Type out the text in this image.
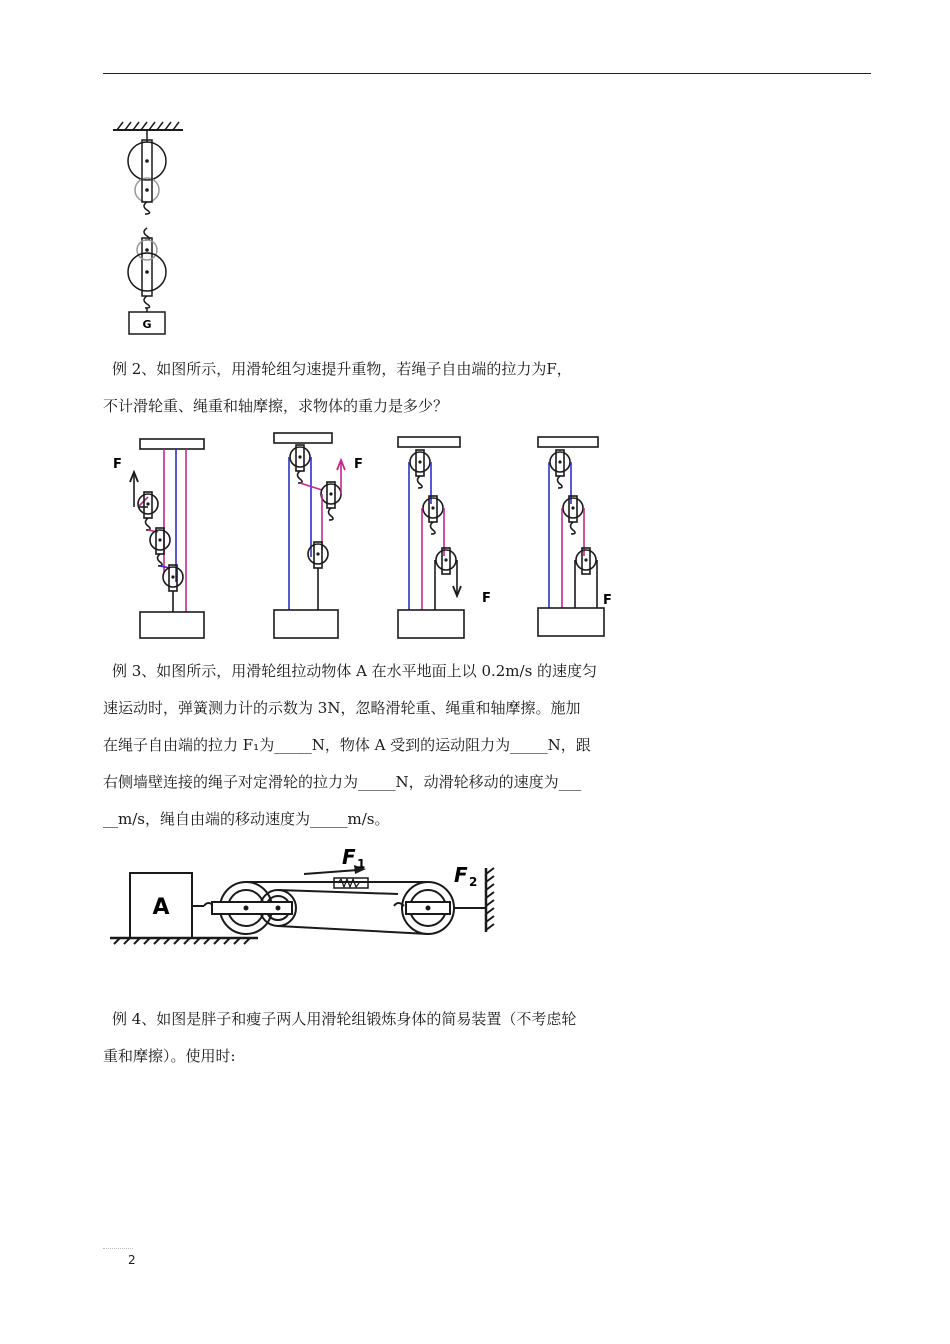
G

例 2、如图所示，用滑轮组匀速提升重物，若绳子自由端的拉力为F，
不计滑轮重、绳重和轴摩擦，求物体的重力是多少？

F	F
F	F

例 3、如图所示，用滑轮组拉动物体 A 在水平地面上以 0.2m/s 的速度匀
速运动时，弹簧测力计的示数为 3N，忽略滑轮重、绳重和轴摩擦。施加
在绳子自由端的拉力 F₁为_____N，物体 A 受到的运动阻力为_____N，跟
右侧墙壁连接的绳子对定滑轮的拉力为_____N，动滑轮移动的速度为___
__m/s，绳自由端的移动速度为_____m/s。

A
F 1	F 2

例 4、如图是胖子和瘦子两人用滑轮组锻炼身体的简易装置（不考虑轮
重和摩擦）。使用时:

2
